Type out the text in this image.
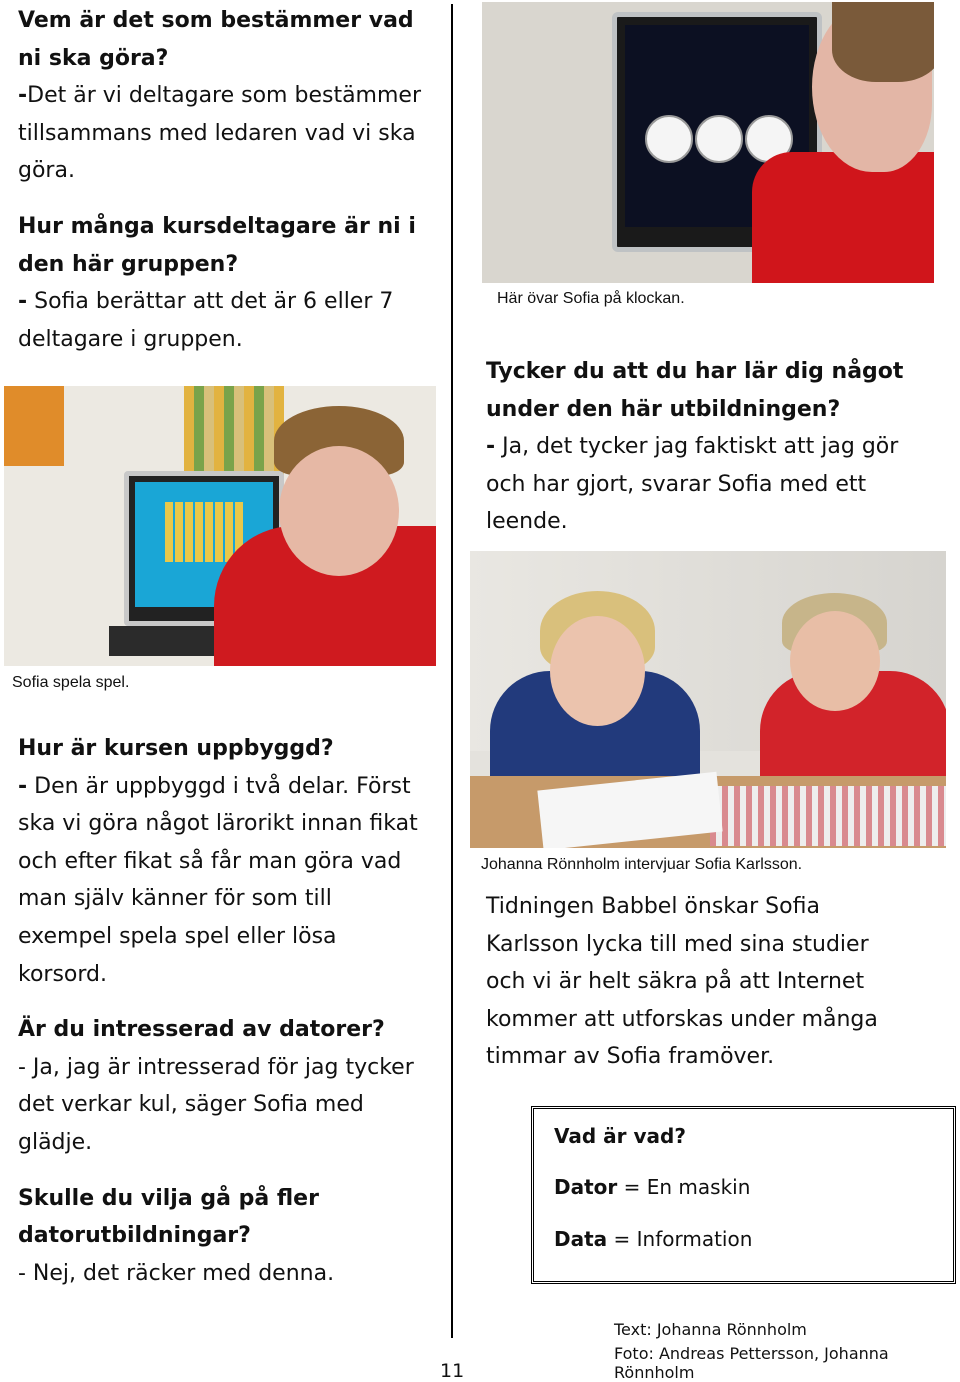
Vem är det som bestämmer vad ni ska göra?
-Det är vi deltagare som bestämmer tillsammans med ledaren vad vi ska göra.
Hur många kursdeltagare är ni i den här gruppen?
- Sofia berättar att det är 6 eller 7 deltagare i gruppen.
Sofia spela spel.
Hur är kursen uppbyggd?
- Den är uppbyggd i två delar. Först ska vi göra något lärorikt innan fikat och efter fikat så får man göra vad man själv känner för som till exempel spela spel eller lösa korsord.
Är du intresserad av datorer?
- Ja, jag är intresserad för jag tycker det verkar kul, säger Sofia med glädje.
Skulle du vilja gå på fler datorutbildningar?
- Nej, det räcker med denna.
Här övar Sofia på klockan.
Tycker du att du har lär dig något under den här utbildningen?
- Ja, det tycker jag faktiskt att jag gör och har gjort, svarar Sofia med ett leende.
Johanna Rönnholm intervjuar Sofia Karlsson.
Tidningen Babbel önskar Sofia Karlsson lycka till med sina studier och vi är helt säkra på att Internet kommer att utforskas under många timmar av Sofia framöver.
Vad är vad?
Dator = En maskin
Data = Information
Text: Johanna Rönnholm
Foto: Andreas Pettersson, Johanna Rönnholm
11
